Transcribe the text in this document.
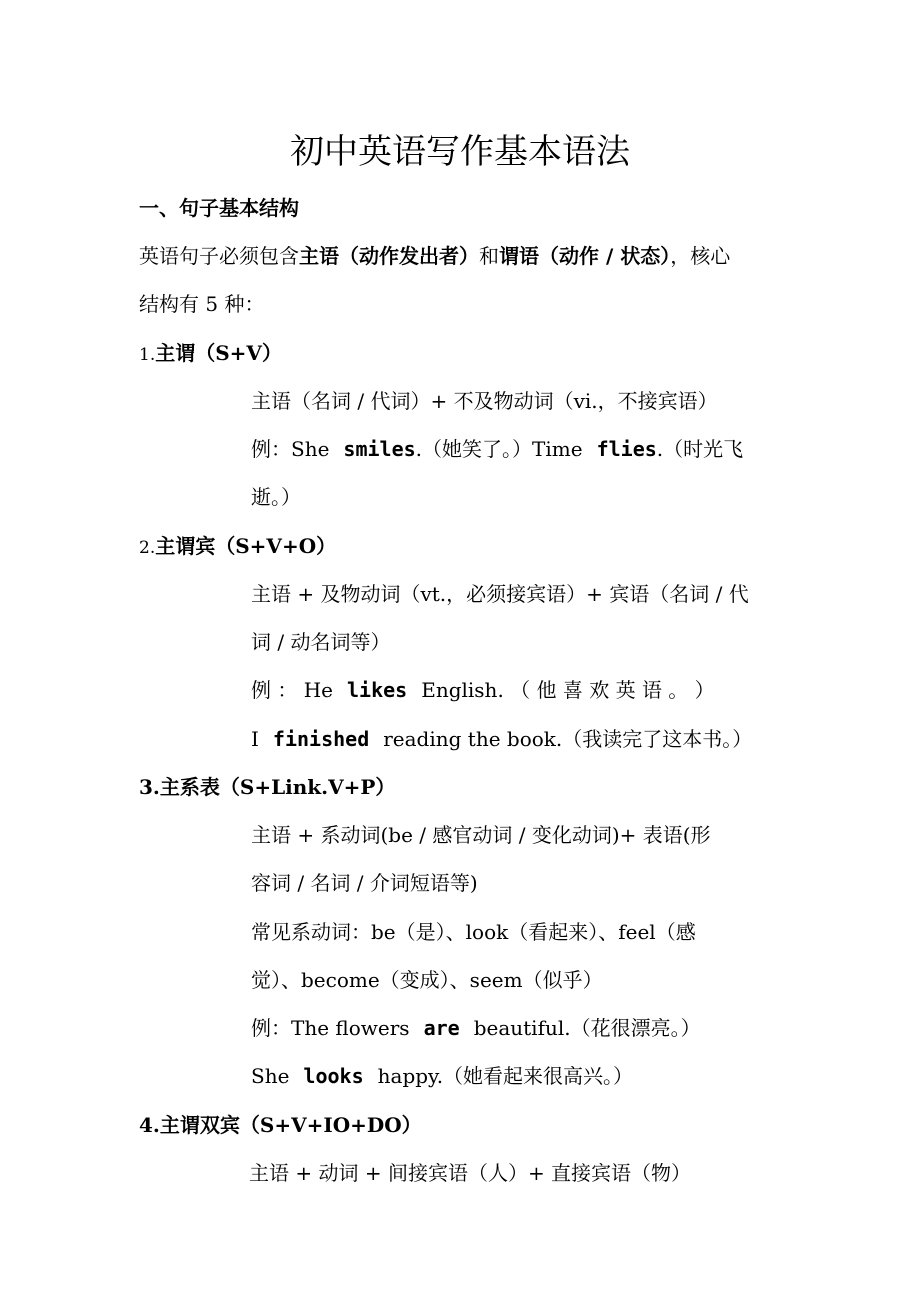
初中英语写作基本语法
一、句子基本结构
英语句子必须包含主语（动作发出者）和谓语（动作 / 状态），核心
结构有 5 种：
1.主谓（S+V）
主语（名词 / 代词）+ 不及物动词（vi.，不接宾语）
例：She smiles.（她笑了。）Time flies.（时光飞
逝。）
2.主谓宾（S+V+O）
主语 + 及物动词（vt.，必须接宾语）+ 宾语（名词 / 代
词 / 动名词等）
例 ： He likes English. （ 他 喜 欢 英 语 。 ）
I finished reading the book.（我读完了这本书。）
3.主系表（S+Link.V+P）
主语 + 系动词(be / 感官动词 / 变化动词)+ 表语(形
容词 / 名词 / 介词短语等)
常见系动词：be（是）、look（看起来）、feel（感
觉）、become（变成）、seem（似乎）
例：The flowers are beautiful.（花很漂亮。）
She looks happy.（她看起来很高兴。）
4.主谓双宾（S+V+IO+DO）
主语 + 动词 + 间接宾语（人）+ 直接宾语（物）
